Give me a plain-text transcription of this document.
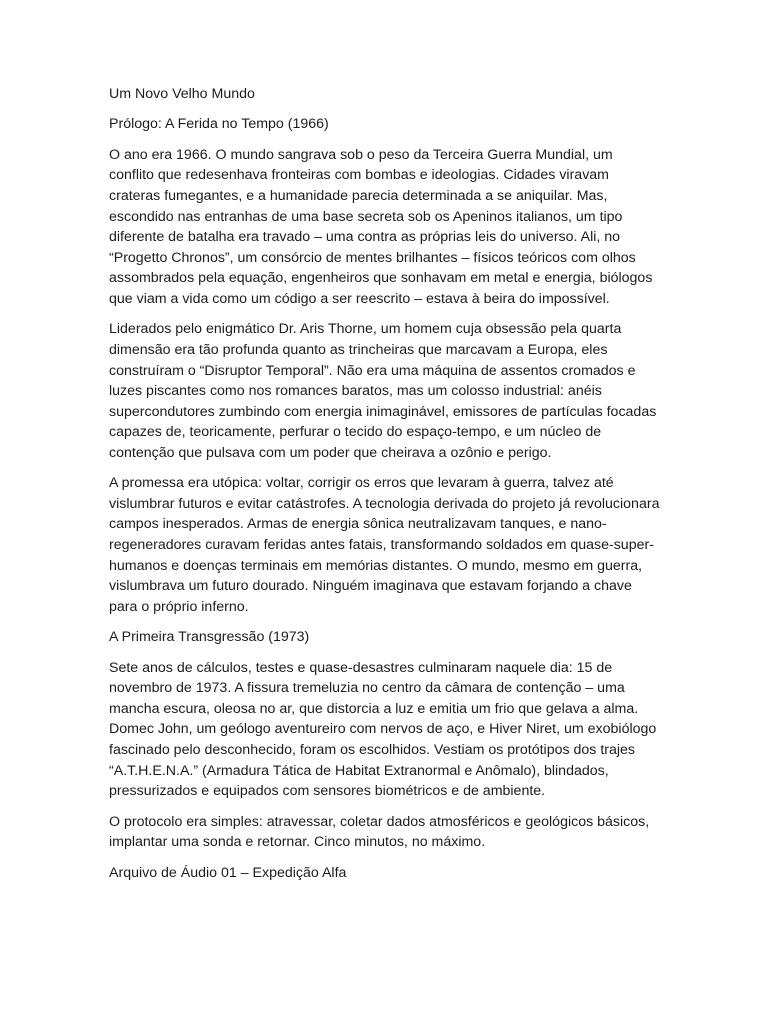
Um Novo Velho Mundo

Prólogo: A Ferida no Tempo (1966)

O ano era 1966. O mundo sangrava sob o peso da Terceira Guerra Mundial, um conflito que redesenhava fronteiras com bombas e ideologias. Cidades viravam crateras fumegantes, e a humanidade parecia determinada a se aniquilar. Mas, escondido nas entranhas de uma base secreta sob os Apeninos italianos, um tipo diferente de batalha era travado – uma contra as próprias leis do universo. Ali, no “Progetto Chronos”, um consórcio de mentes brilhantes – físicos teóricos com olhos assombrados pela equação, engenheiros que sonhavam em metal e energia, biólogos que viam a vida como um código a ser reescrito – estava à beira do impossível.

Liderados pelo enigmático Dr. Aris Thorne, um homem cuja obsessão pela quarta dimensão era tão profunda quanto as trincheiras que marcavam a Europa, eles construíram o “Disruptor Temporal”. Não era uma máquina de assentos cromados e luzes piscantes como nos romances baratos, mas um colosso industrial: anéis supercondutores zumbindo com energia inimaginável, emissores de partículas focadas capazes de, teoricamente, perfurar o tecido do espaço-tempo, e um núcleo de contenção que pulsava com um poder que cheirava a ozônio e perigo.

A promessa era utópica: voltar, corrigir os erros que levaram à guerra, talvez até vislumbrar futuros e evitar catástrofes. A tecnologia derivada do projeto já revolucionara campos inesperados. Armas de energia sônica neutralizavam tanques, e nano-regeneradores curavam feridas antes fatais, transformando soldados em quase-super-humanos e doenças terminais em memórias distantes. O mundo, mesmo em guerra, vislumbrava um futuro dourado. Ninguém imaginava que estavam forjando a chave para o próprio inferno.

A Primeira Transgressão (1973)

Sete anos de cálculos, testes e quase-desastres culminaram naquele dia: 15 de novembro de 1973. A fissura tremeluzia no centro da câmara de contenção – uma mancha escura, oleosa no ar, que distorcia a luz e emitia um frio que gelava a alma. Domec John, um geólogo aventureiro com nervos de aço, e Hiver Niret, um exobiólogo fascinado pelo desconhecido, foram os escolhidos. Vestiam os protótipos dos trajes “A.T.H.E.N.A.” (Armadura Tática de Habitat Extranormal e Anômalo), blindados, pressurizados e equipados com sensores biométricos e de ambiente.

O protocolo era simples: atravessar, coletar dados atmosféricos e geológicos básicos, implantar uma sonda e retornar. Cinco minutos, no máximo.

Arquivo de Áudio 01 – Expedição Alfa
